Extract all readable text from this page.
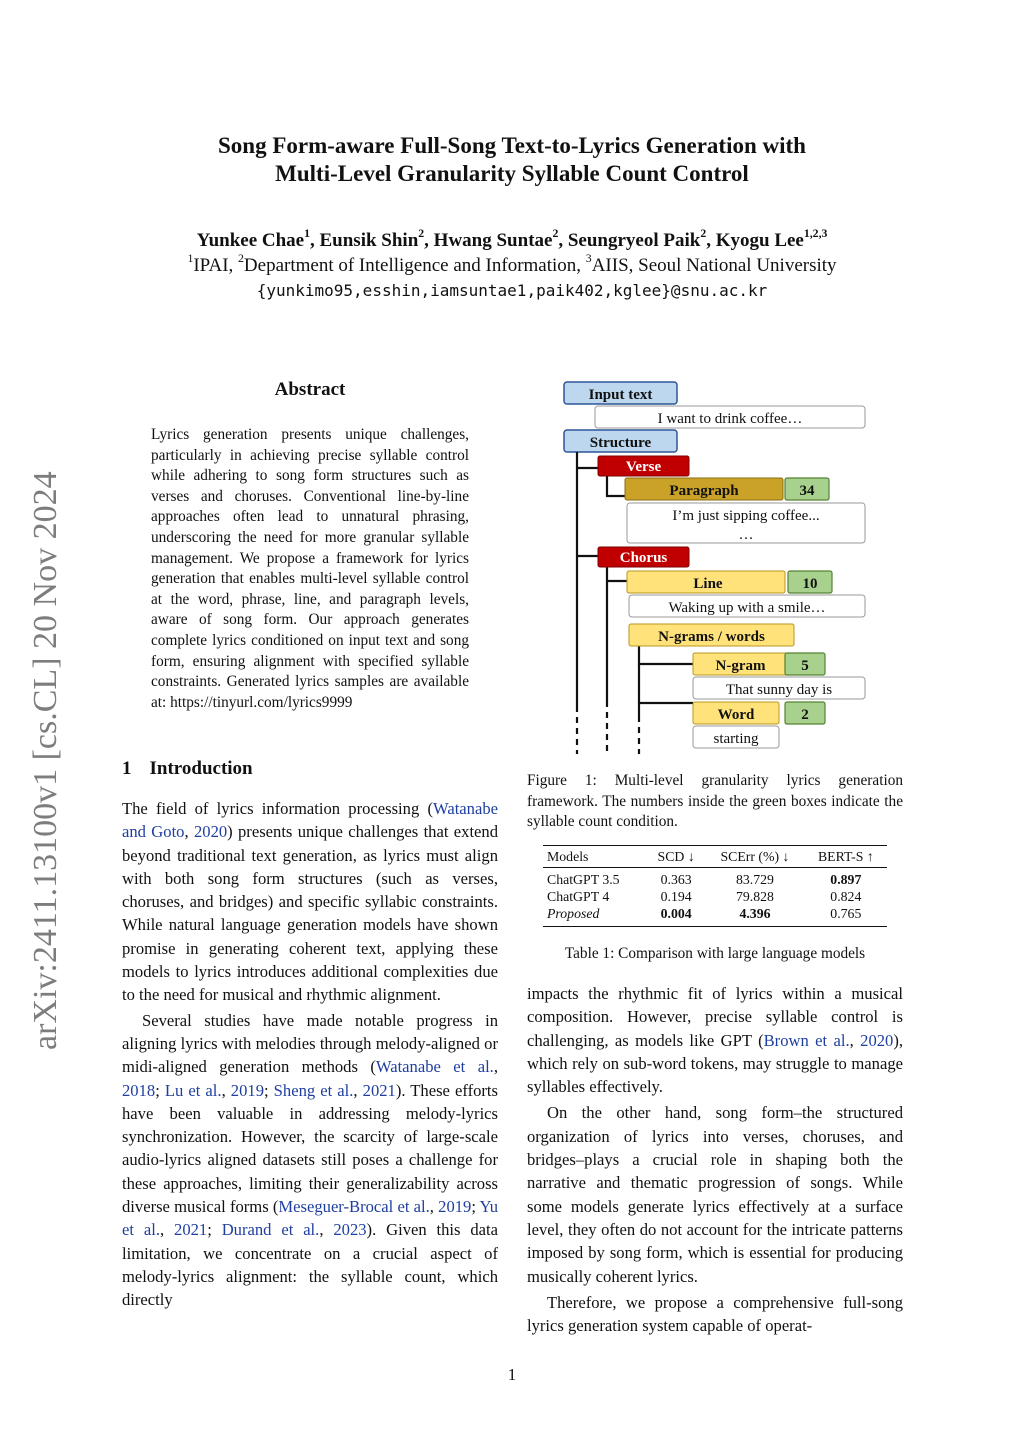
arXiv:2411.13100v1 [cs.CL] 20 Nov 2024
Song Form-aware Full-Song Text-to-Lyrics Generation with
Multi-Level Granularity Syllable Count Control
Yunkee Chae$^1$, Eunsik Shin$^2$, Hwang Suntae$^2$, Seungryeol Paik$^2$, Kyogu Lee$^{1,2,3}$
$^1$IPAI, $^2$Department of Intelligence and Information, $^3$AIIS, Seoul National University
{yunkimo95,esshin,iamsuntae1,paik402,kglee}@snu.ac.kr
Abstract
Lyrics generation presents unique challenges, particularly in achieving precise syllable control while adhering to song form structures such as verses and choruses. Conventional line-by-line approaches often lead to unnatural phrasing, underscoring the need for more granular syllable management. We propose a framework for lyrics generation that enables multi-level syllable control at the word, phrase, line, and paragraph levels, aware of song form. Our approach generates complete lyrics conditioned on input text and song form, ensuring alignment with specified syllable constraints. Generated lyrics samples are available at: https://tinyurl.com/lyrics9999
1 Introduction

The field of lyrics information processing (Watanabe and Goto, 2020) presents unique challenges that extend beyond traditional text generation, as lyrics must align with both song form structures (such as verses, choruses, and bridges) and specific syllabic constraints. While natural language generation models have shown promise in generating coherent text, applying these models to lyrics introduces additional complexities due to the need for musical and rhythmic alignment.

Several studies have made notable progress in aligning lyrics with melodies through melody-aligned or midi-aligned generation methods (Watanabe et al., 2018; Lu et al., 2019; Sheng et al., 2021). These efforts have been valuable in addressing melody-lyrics synchronization. However, the scarcity of large-scale audio-lyrics aligned datasets still poses a challenge for these approaches, limiting their generalizability across diverse musical forms (Meseguer-Brocal et al., 2019; Yu et al., 2021; Durand et al., 2023). Given this data limitation, we concentrate on a crucial aspect of melody-lyrics alignment: the syllable count, which directly

Input text
I want to drink coffee…
Structure
Verse
Paragraph	34
I’m just sipping coffee...
…
Chorus
Line	10
Waking up with a smile…
N-grams / words
N-gram 5
That sunny day is
Word	2
starting
Figure 1: Multi-level granularity lyrics generation framework. The numbers inside the green boxes indicate the syllable count condition.
Models	SCD ↓	SCErr (%) ↓	BERT-S ↑
ChatGPT 3.5	0.363	83.729	0.897
ChatGPT 4	0.194	79.828	0.824
Proposed	0.004	4.396	0.765
Table 1: Comparison with large language models

impacts the rhythmic fit of lyrics within a musical composition. However, precise syllable control is challenging, as models like GPT (Brown et al., 2020), which rely on sub-word tokens, may struggle to manage syllables effectively.

On the other hand, song form–the structured organization of lyrics into verses, choruses, and bridges–plays a crucial role in shaping both the narrative and thematic progression of songs. While some models generate lyrics effectively at a surface level, they often do not account for the intricate patterns imposed by song form, which is essential for producing musically coherent lyrics.

Therefore, we propose a comprehensive full-song lyrics generation system capable of operat-

1
